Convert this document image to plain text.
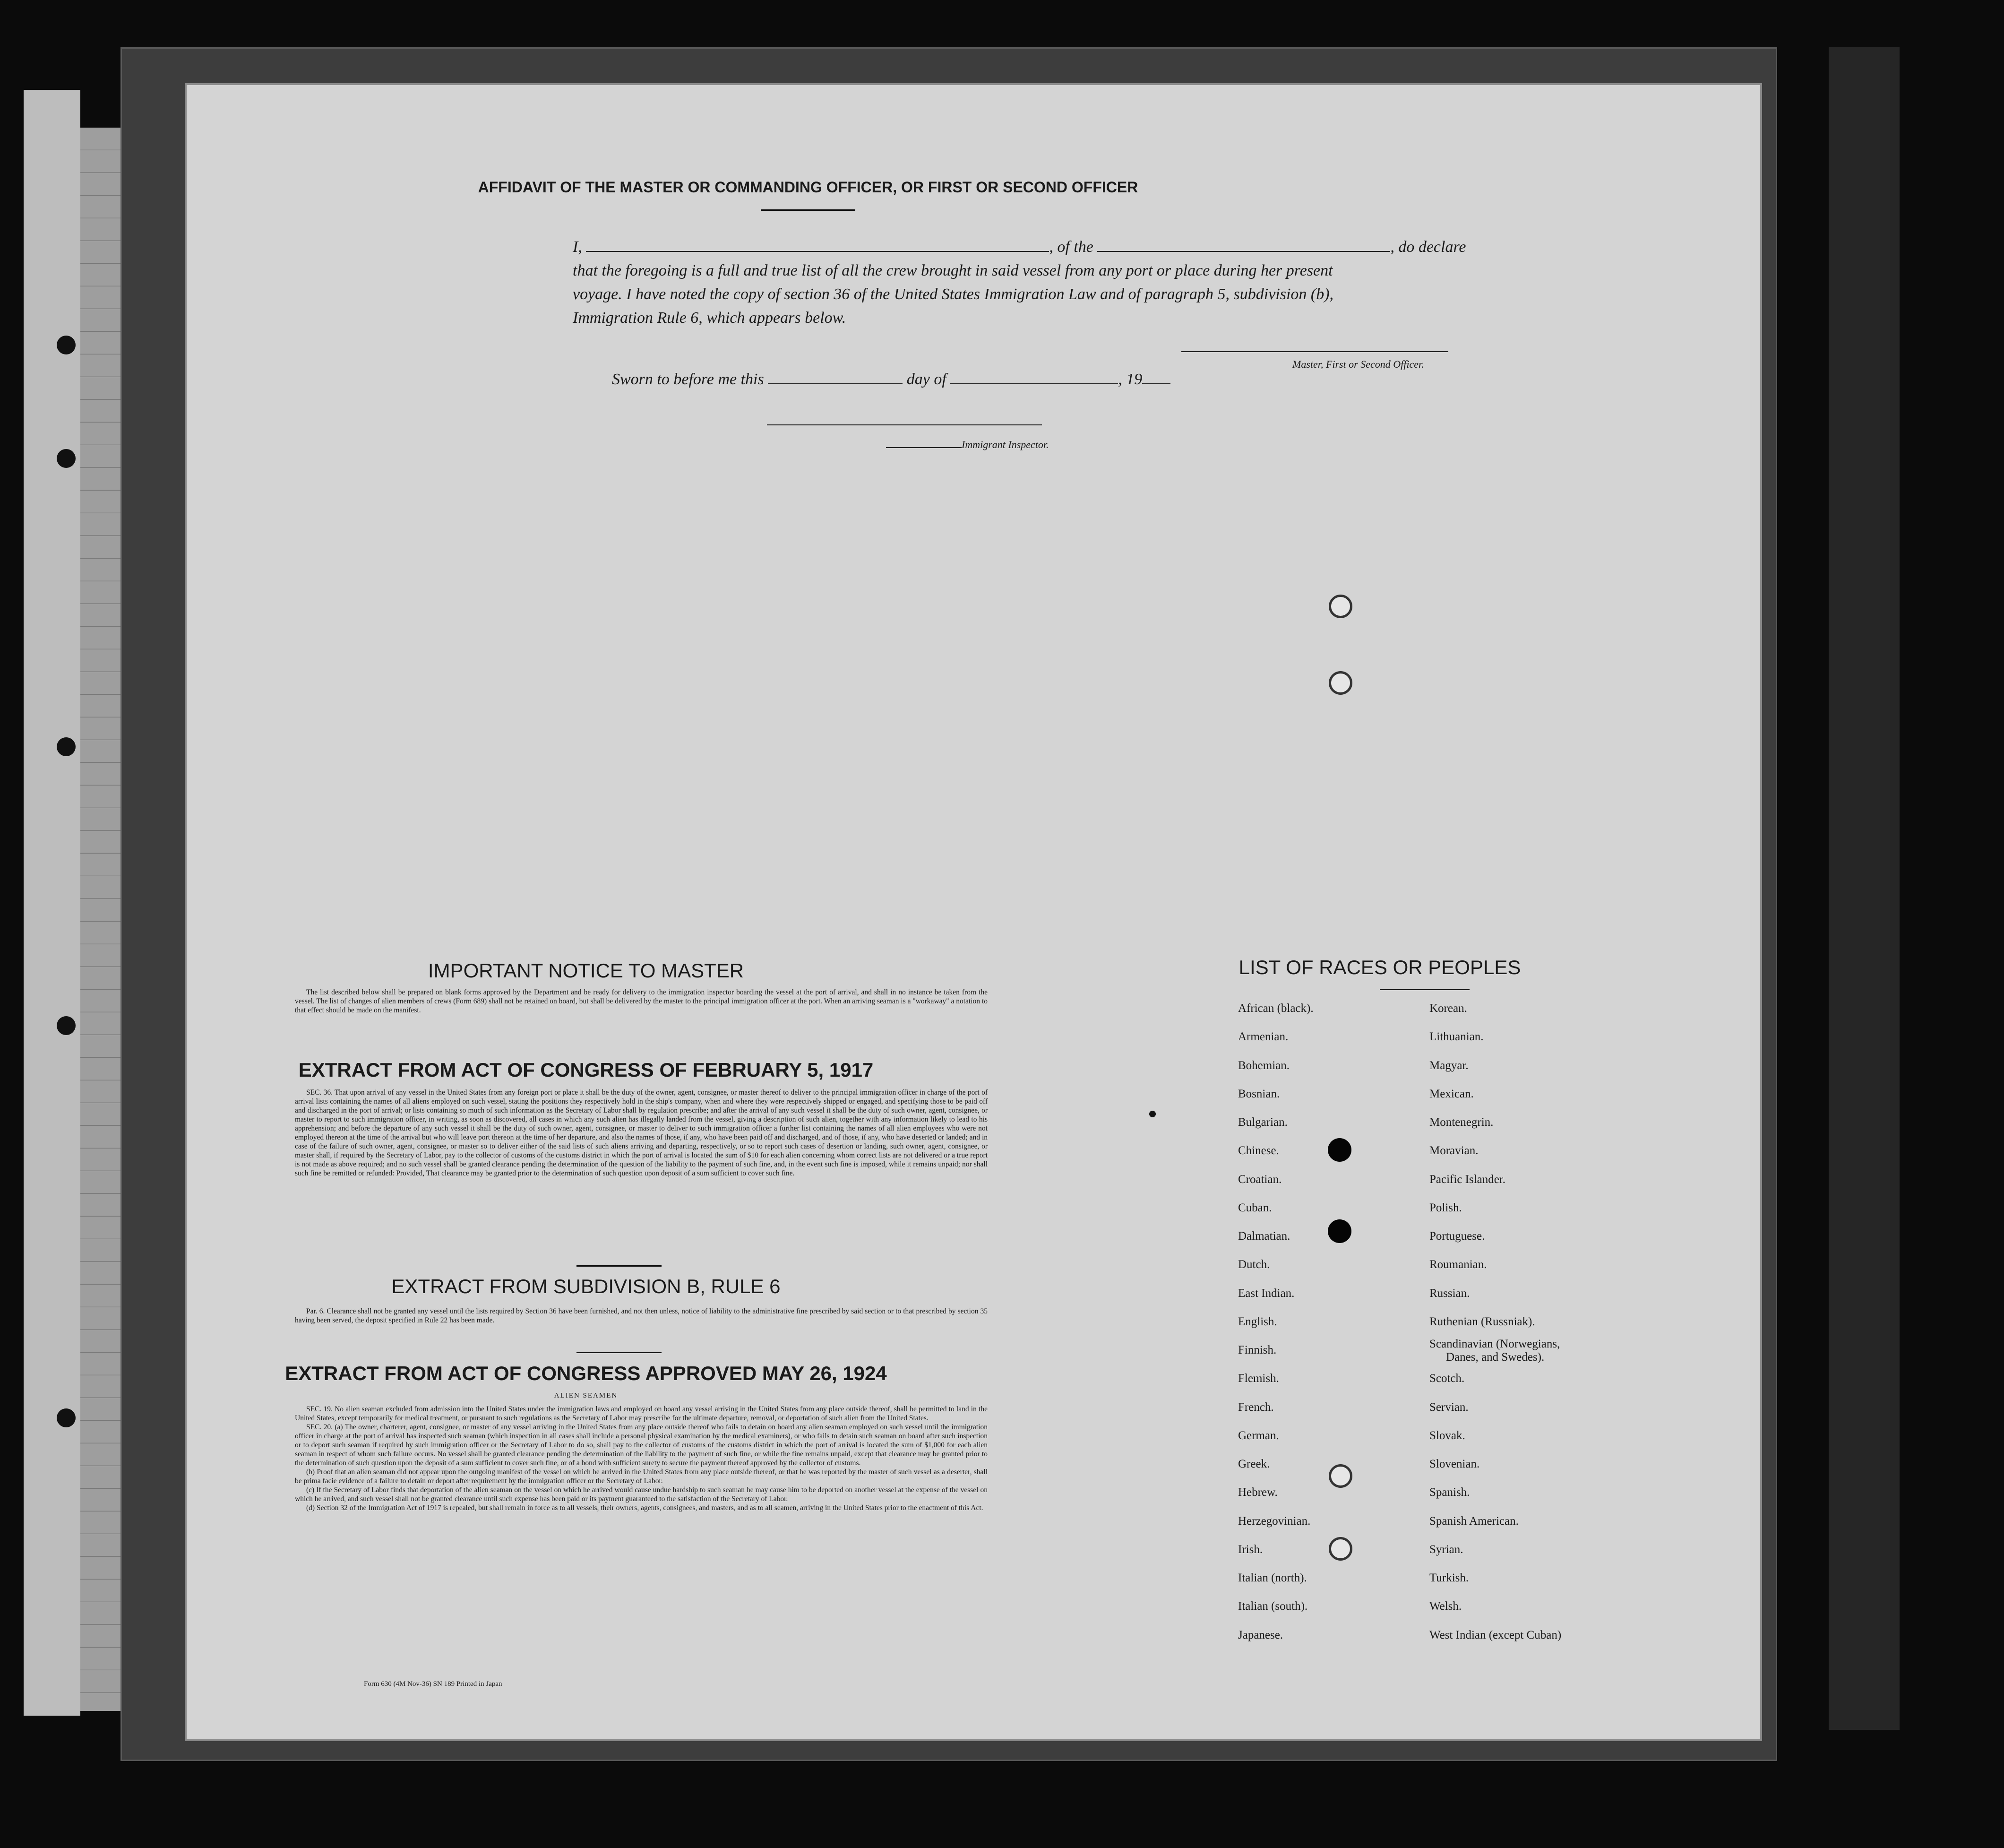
AFFIDAVIT OF THE MASTER OR COMMANDING OFFICER, OR FIRST OR SECOND OFFICER
I,	, of the	, do declare
that the foregoing is a full and true list of all the crew brought in said vessel from any port or place during her present
voyage. I have noted the copy of section 36 of the United States Immigration Law and of paragraph 5, subdivision (b),
Immigration Rule 6, which appears below.
Master, First or Second Officer.
Sworn to before me this	day of	, 19
Immigrant Inspector.
IMPORTANT NOTICE TO MASTER

The list described below shall be prepared on blank forms approved by the Department and be ready for delivery to the immigration inspector boarding the vessel at the port of arrival, and shall in no instance be taken from the vessel. The list of changes of alien members of crews (Form 689) shall not be retained on board, but shall be delivered by the master to the principal immigration officer at the port. When an arriving seaman is a "workaway" a notation to that effect should be made on the manifest.

EXTRACT FROM ACT OF CONGRESS OF FEBRUARY 5, 1917

SEC. 36. That upon arrival of any vessel in the United States from any foreign port or place it shall be the duty of the owner, agent, consignee, or master thereof to deliver to the principal immigration officer in charge of the port of arrival lists containing the names of all aliens employed on such vessel, stating the positions they respectively hold in the ship's company, when and where they were respectively shipped or engaged, and specifying those to be paid off and discharged in the port of arrival; or lists containing so much of such information as the Secretary of Labor shall by regulation prescribe; and after the arrival of any such vessel it shall be the duty of such owner, agent, consignee, or master to report to such immigration officer, in writing, as soon as discovered, all cases in which any such alien has illegally landed from the vessel, giving a description of such alien, together with any information likely to lead to his apprehension; and before the departure of any such vessel it shall be the duty of such owner, agent, consignee, or master to deliver to such immigration officer a further list containing the names of all alien employees who were not employed thereon at the time of the arrival but who will leave port thereon at the time of her departure, and also the names of those, if any, who have been paid off and discharged, and of those, if any, who have deserted or landed; and in case of the failure of such owner, agent, consignee, or master so to deliver either of the said lists of such aliens arriving and departing, respectively, or so to report such cases of desertion or landing, such owner, agent, consignee, or master shall, if required by the Secretary of Labor, pay to the collector of customs of the customs district in which the port of arrival is located the sum of $10 for each alien concerning whom correct lists are not delivered or a true report is not made as above required; and no such vessel shall be granted clearance pending the determination of the question of the liability to the payment of such fine, and, in the event such fine is imposed, while it remains unpaid; nor shall such fine be remitted or refunded: Provided, That clearance may be granted prior to the determination of such question upon deposit of a sum sufficient to cover such fine.

EXTRACT FROM SUBDIVISION B, RULE 6

Par. 6. Clearance shall not be granted any vessel until the lists required by Section 36 have been furnished, and not then unless, notice of liability to the administrative fine prescribed by said section or to that prescribed by section 35 having been served, the deposit specified in Rule 22 has been made.

EXTRACT FROM ACT OF CONGRESS APPROVED MAY 26, 1924
ALIEN SEAMEN

SEC. 19. No alien seaman excluded from admission into the United States under the immigration laws and employed on board any vessel arriving in the United States from any place outside thereof, shall be permitted to land in the United States, except temporarily for medical treatment, or pursuant to such regulations as the Secretary of Labor may prescribe for the ultimate departure, removal, or deportation of such alien from the United States.

SEC. 20. (a) The owner, charterer, agent, consignee, or master of any vessel arriving in the United States from any place outside thereof who fails to detain on board any alien seaman employed on such vessel until the immigration officer in charge at the port of arrival has inspected such seaman (which inspection in all cases shall include a personal physical examination by the medical examiners), or who fails to detain such seaman on board after such inspection or to deport such seaman if required by such immigration officer or the Secretary of Labor to do so, shall pay to the collector of customs of the customs district in which the port of arrival is located the sum of $1,000 for each alien seaman in respect of whom such failure occurs. No vessel shall be granted clearance pending the determination of the liability to the payment of such fine, or while the fine remains unpaid, except that clearance may be granted prior to the determination of such question upon the deposit of a sum sufficient to cover such fine, or of a bond with sufficient surety to secure the payment thereof approved by the collector of customs.

(b) Proof that an alien seaman did not appear upon the outgoing manifest of the vessel on which he arrived in the United States from any place outside thereof, or that he was reported by the master of such vessel as a deserter, shall be prima facie evidence of a failure to detain or deport after requirement by the immigration officer or the Secretary of Labor.

(c) If the Secretary of Labor finds that deportation of the alien seaman on the vessel on which he arrived would cause undue hardship to such seaman he may cause him to be deported on another vessel at the expense of the vessel on which he arrived, and such vessel shall not be granted clearance until such expense has been paid or its payment guaranteed to the satisfaction of the Secretary of Labor.

(d) Section 32 of the Immigration Act of 1917 is repealed, but shall remain in force as to all vessels, their owners, agents, consignees, and masters, and as to all seamen, arriving in the United States prior to the enactment of this Act.

Form 630 (4M Nov-36) SN 189 Printed in Japan
LIST OF RACES OR PEOPLES
African (black).
Armenian.
Bohemian.
Bosnian.
Bulgarian.
Chinese.
Croatian.
Cuban.
Dalmatian.
Dutch.
East Indian.
English.
Finnish.
Flemish.
French.
German.
Greek.
Hebrew.
Herzegovinian.
Irish.
Italian (north).
Italian (south).
Japanese.
Korean.
Lithuanian.
Magyar.
Mexican.
Montenegrin.
Moravian.
Pacific Islander.
Polish.
Portuguese.
Roumanian.
Russian.
Ruthenian (Russniak).
Scandinavian (Norwegians,
Danes, and Swedes).
Scotch.
Servian.
Slovak.
Slovenian.
Spanish.
Spanish American.
Syrian.
Turkish.
Welsh.
West Indian (except Cuban)
